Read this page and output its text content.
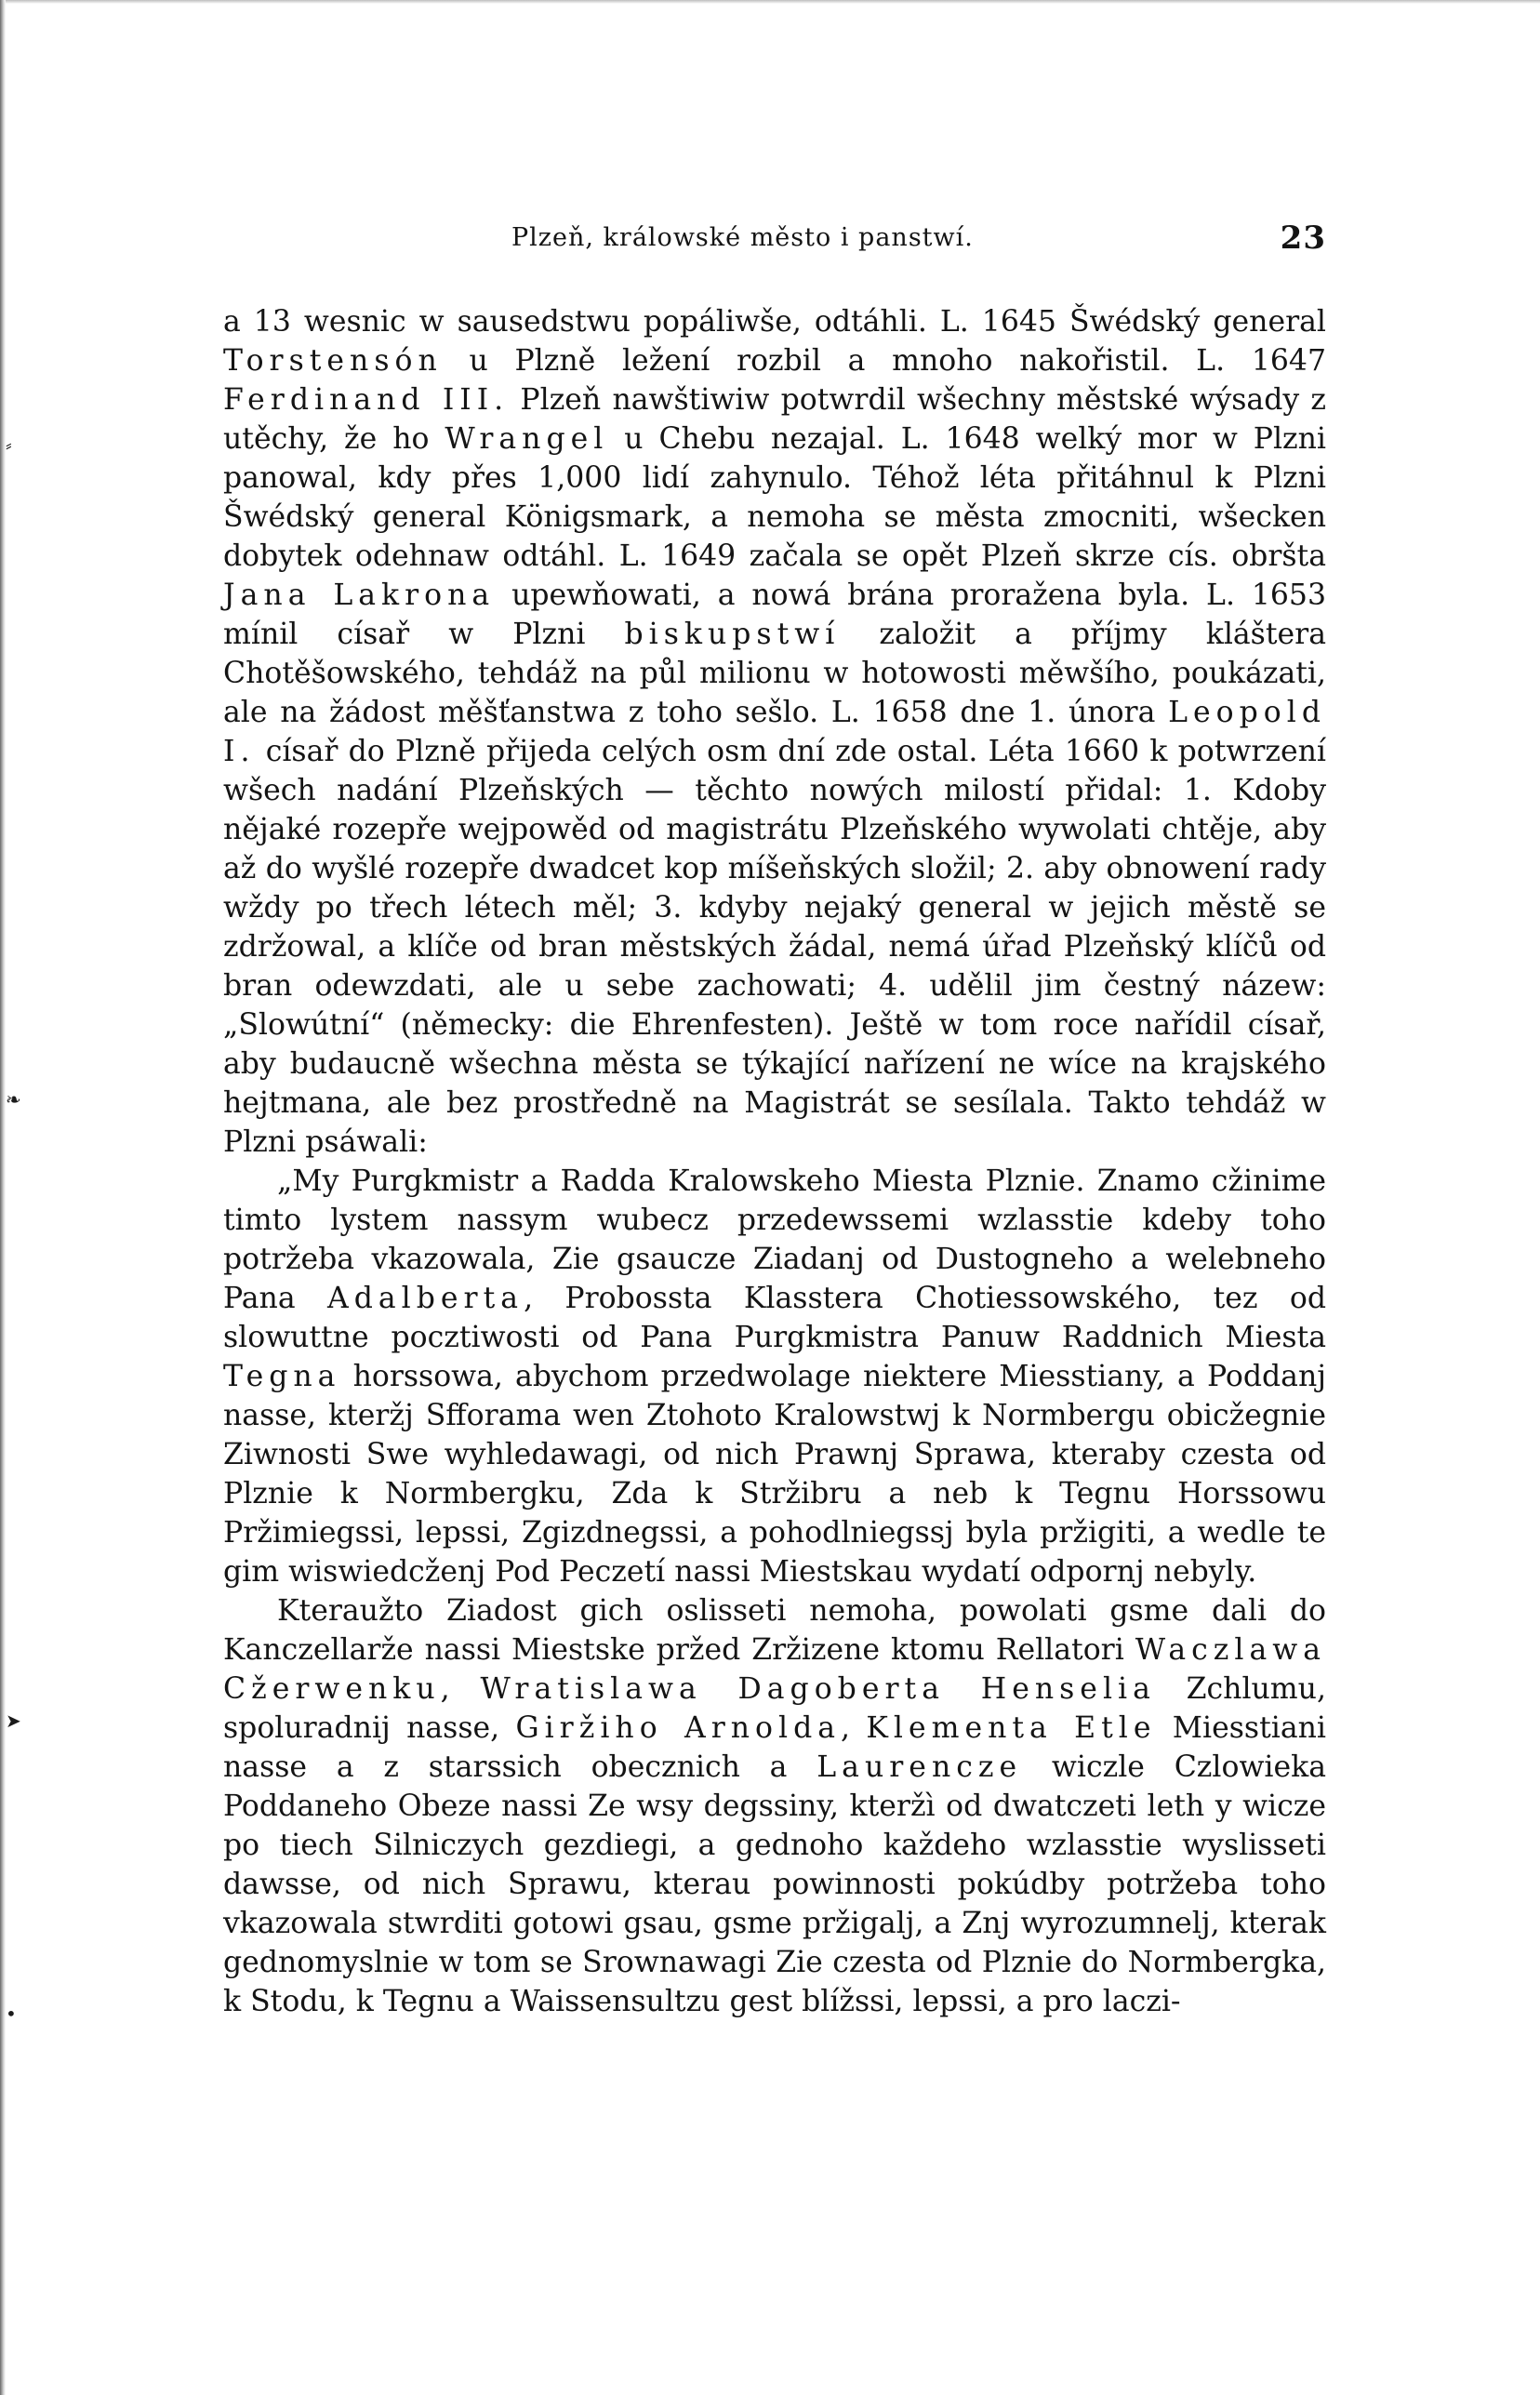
Plzeň, králowské město i panstwí.	23
⸗
❧
➤
•

a 13 wesnic w sausedstwu popáliwše, odtáhli. L. 1645 Šwédský general Torstensón u Plzně ležení rozbil a mnoho nakořistil. L. 1647 Ferdinand III. Plzeň nawštiwiw potwrdil wšechny městské wýsady z utěchy, že ho Wrangel u Chebu nezajal. L. 1648 welký mor w Plzni panowal, kdy přes 1,000 lidí zahynulo. Téhož léta přitáhnul k Plzni Šwédský general Königsmark, a nemoha se města zmocniti, wšecken dobytek odehnaw odtáhl. L. 1649 začala se opět Plzeň skrze cís. obršta Jana Lakrona upewňowati, a nowá brána proražena byla. L. 1653 mínil císař w Plzni biskupstwí založit a příjmy kláštera Chotěšowského, tehdáž na půl milionu w hotowosti měwšího, poukázati, ale na žádost měšťanstwa z toho sešlo. L. 1658 dne 1. února Leopold I. císař do Plzně přijeda celých osm dní zde ostal. Léta 1660 k potwrzení wšech nadání Plzeňských — těchto nowých milostí přidal: 1. Kdoby nějaké rozepře wejpowěd od magistrátu Plzeňského wywolati chtěje, aby až do wyšlé rozepře dwadcet kop míšeňských složil; 2. aby obnowení rady wždy po třech létech měl; 3. kdyby nejaký general w jejich městě se zdržowal, a klíče od bran městských žádal, nemá úřad Plzeňský klíčů od bran odewzdati, ale u sebe zachowati; 4. udělil jim čestný názew: „Slowútní“ (německy: die Ehrenfesten). Ještě w tom roce nařídil císař, aby budaucně wšechna města se týkající nařízení ne wíce na krajského hejtmana, ale bez prostředně na Magistrát se sesílala. Takto tehdáž w Plzni psáwali:

„My Purgkmistr a Radda Kralowskeho Miesta Plznie. Znamo cžinime timto lystem nassym wubecz przedewssemi wzlasstie kdeby toho potržeba vkazowala, Zie gsaucze Ziadanj od Dustogneho a welebneho Pana Adalberta, Probossta Klasstera Chotiessowského, tez od slowuttne pocztiwosti od Pana Purgkmistra Panuw Raddnich Miesta Tegna horssowa, abychom przedwolage niektere Miesstiany, a Poddanj nasse, kteržj Sfforama wen Ztohoto Kralowstwj k Normbergu obicžegnie Ziwnosti Swe wyhledawagi, od nich Prawnj Sprawa, kteraby czesta od Plznie k Normbergku, Zda k Stržibru a neb k Tegnu Horssowu Pržimiegssi, lepssi, Zgizdnegssi, a pohodlniegssj byla pržigiti, a wedle te gim wiswiedcženj Pod Peczetí nassi Miestskau wydatí odpornj nebyly.

Kteraužto Ziadost gich oslisseti nemoha, powolati gsme dali do Kanczellarže nassi Miestske pržed Zržizene ktomu Rellatori Waczlawa Cžerwenku, Wratislawa Dagoberta Henselia Zchlumu, spoluradnij nasse, Giržiho Arnolda, Klementa Etle Miesstiani nasse a z starssich obecznich a Laurencze wiczle Czlowieka Poddaneho Obeze nassi Ze wsy degssiny, kteržì od dwatczeti leth y wicze po tiech Silniczych gezdiegi, a gednoho každeho wzlasstie wyslisseti dawsse, od nich Sprawu, kterau powinnosti pokúdby potržeba toho vkazowala stwrditi gotowi gsau, gsme pržigalj, a Znj wyrozumnelj, kterak gednomyslnie w tom se Srownawagi Zie czesta od Plznie do Normbergka, k Stodu, k Tegnu a Waissensultzu gest blížssi, lepssi, a pro laczi-
